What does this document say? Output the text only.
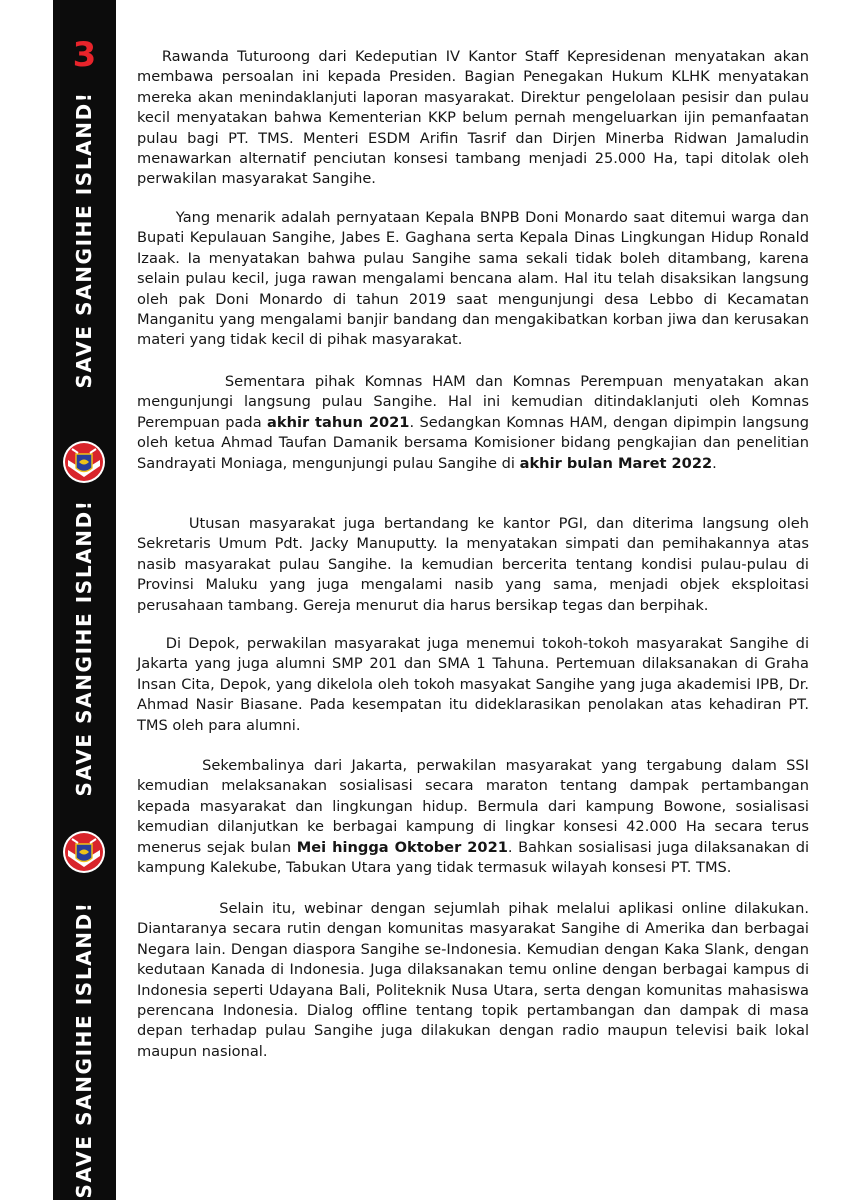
3
SAVE SANGIHE ISLAND!
SAVE SANGIHE ISLAND!
SAVE SANGIHE ISLAND!

Rawanda Tuturoong dari Kedeputian IV Kantor Staff Kepresidenan menyatakan akan membawa persoalan ini kepada Presiden. Bagian Penegakan Hukum KLHK menyatakan mereka akan menindaklanjuti laporan masyarakat. Direktur pengelolaan pesisir dan pulau kecil menyatakan bahwa Kementerian KKP belum pernah mengeluarkan ijin pemanfaatan pulau bagi PT. TMS. Menteri ESDM Arifin Tasrif dan Dirjen Minerba Ridwan Jamaludin menawarkan alternatif penciutan konsesi tambang menjadi 25.000 Ha, tapi ditolak oleh perwakilan masyarakat Sangihe.

Yang menarik adalah pernyataan Kepala BNPB Doni Monardo saat ditemui warga dan Bupati Kepulauan Sangihe, Jabes E. Gaghana serta Kepala Dinas Lingkungan Hidup Ronald Izaak. Ia menyatakan bahwa pulau Sangihe sama sekali tidak boleh ditambang, karena selain pulau kecil, juga rawan mengalami bencana alam. Hal itu telah disaksikan langsung oleh pak Doni Monardo di tahun 2019 saat mengunjungi desa Lebbo di Kecamatan Manganitu yang mengalami banjir bandang dan mengakibatkan korban jiwa dan kerusakan materi yang tidak kecil di pihak masyarakat.

Sementara pihak Komnas HAM dan Komnas Perempuan menyatakan akan mengunjungi langsung pulau Sangihe. Hal ini kemudian ditindaklanjuti oleh Komnas Perempuan pada akhir tahun 2021. Sedangkan Komnas HAM, dengan dipimpin langsung oleh ketua Ahmad Taufan Damanik bersama Komisioner bidang pengkajian dan penelitian Sandrayati Moniaga, mengunjungi pulau Sangihe di akhir bulan Maret 2022.

Utusan masyarakat juga bertandang ke kantor PGI, dan diterima langsung oleh Sekretaris Umum Pdt. Jacky Manuputty. Ia menyatakan simpati dan pemihakannya atas nasib masyarakat pulau Sangihe. Ia kemudian bercerita tentang kondisi pulau-pulau di Provinsi Maluku yang juga mengalami nasib yang sama, menjadi objek eksploitasi perusahaan tambang. Gereja menurut dia harus bersikap tegas dan berpihak.

Di Depok, perwakilan masyarakat juga menemui tokoh-tokoh masyarakat Sangihe di Jakarta yang juga alumni SMP 201 dan SMA 1 Tahuna. Pertemuan dilaksanakan di Graha Insan Cita, Depok, yang dikelola oleh tokoh masyakat Sangihe yang juga akademisi IPB, Dr. Ahmad Nasir Biasane. Pada kesempatan itu dideklarasikan penolakan atas kehadiran PT. TMS oleh para alumni.

Sekembalinya dari Jakarta, perwakilan masyarakat yang tergabung dalam SSI kemudian melaksanakan sosialisasi secara maraton tentang dampak pertambangan kepada masyarakat dan lingkungan hidup. Bermula dari kampung Bowone, sosialisasi kemudian dilanjutkan ke berbagai kampung di lingkar konsesi 42.000 Ha secara terus menerus sejak bulan Mei hingga Oktober 2021. Bahkan sosialisasi juga dilaksanakan di kampung Kalekube, Tabukan Utara yang tidak termasuk wilayah konsesi PT. TMS.

Selain itu, webinar dengan sejumlah pihak melalui aplikasi online dilakukan. Diantaranya secara rutin dengan komunitas masyarakat Sangihe di Amerika dan berbagai Negara lain. Dengan diaspora Sangihe se-Indonesia. Kemudian dengan Kaka Slank, dengan kedutaan Kanada di Indonesia. Juga dilaksanakan temu online dengan berbagai kampus di Indonesia seperti Udayana Bali, Politeknik Nusa Utara, serta dengan komunitas mahasiswa perencana Indonesia. Dialog offline tentang topik pertambangan dan dampak di masa depan terhadap pulau Sangihe juga dilakukan dengan radio maupun televisi baik lokal maupun nasional.
